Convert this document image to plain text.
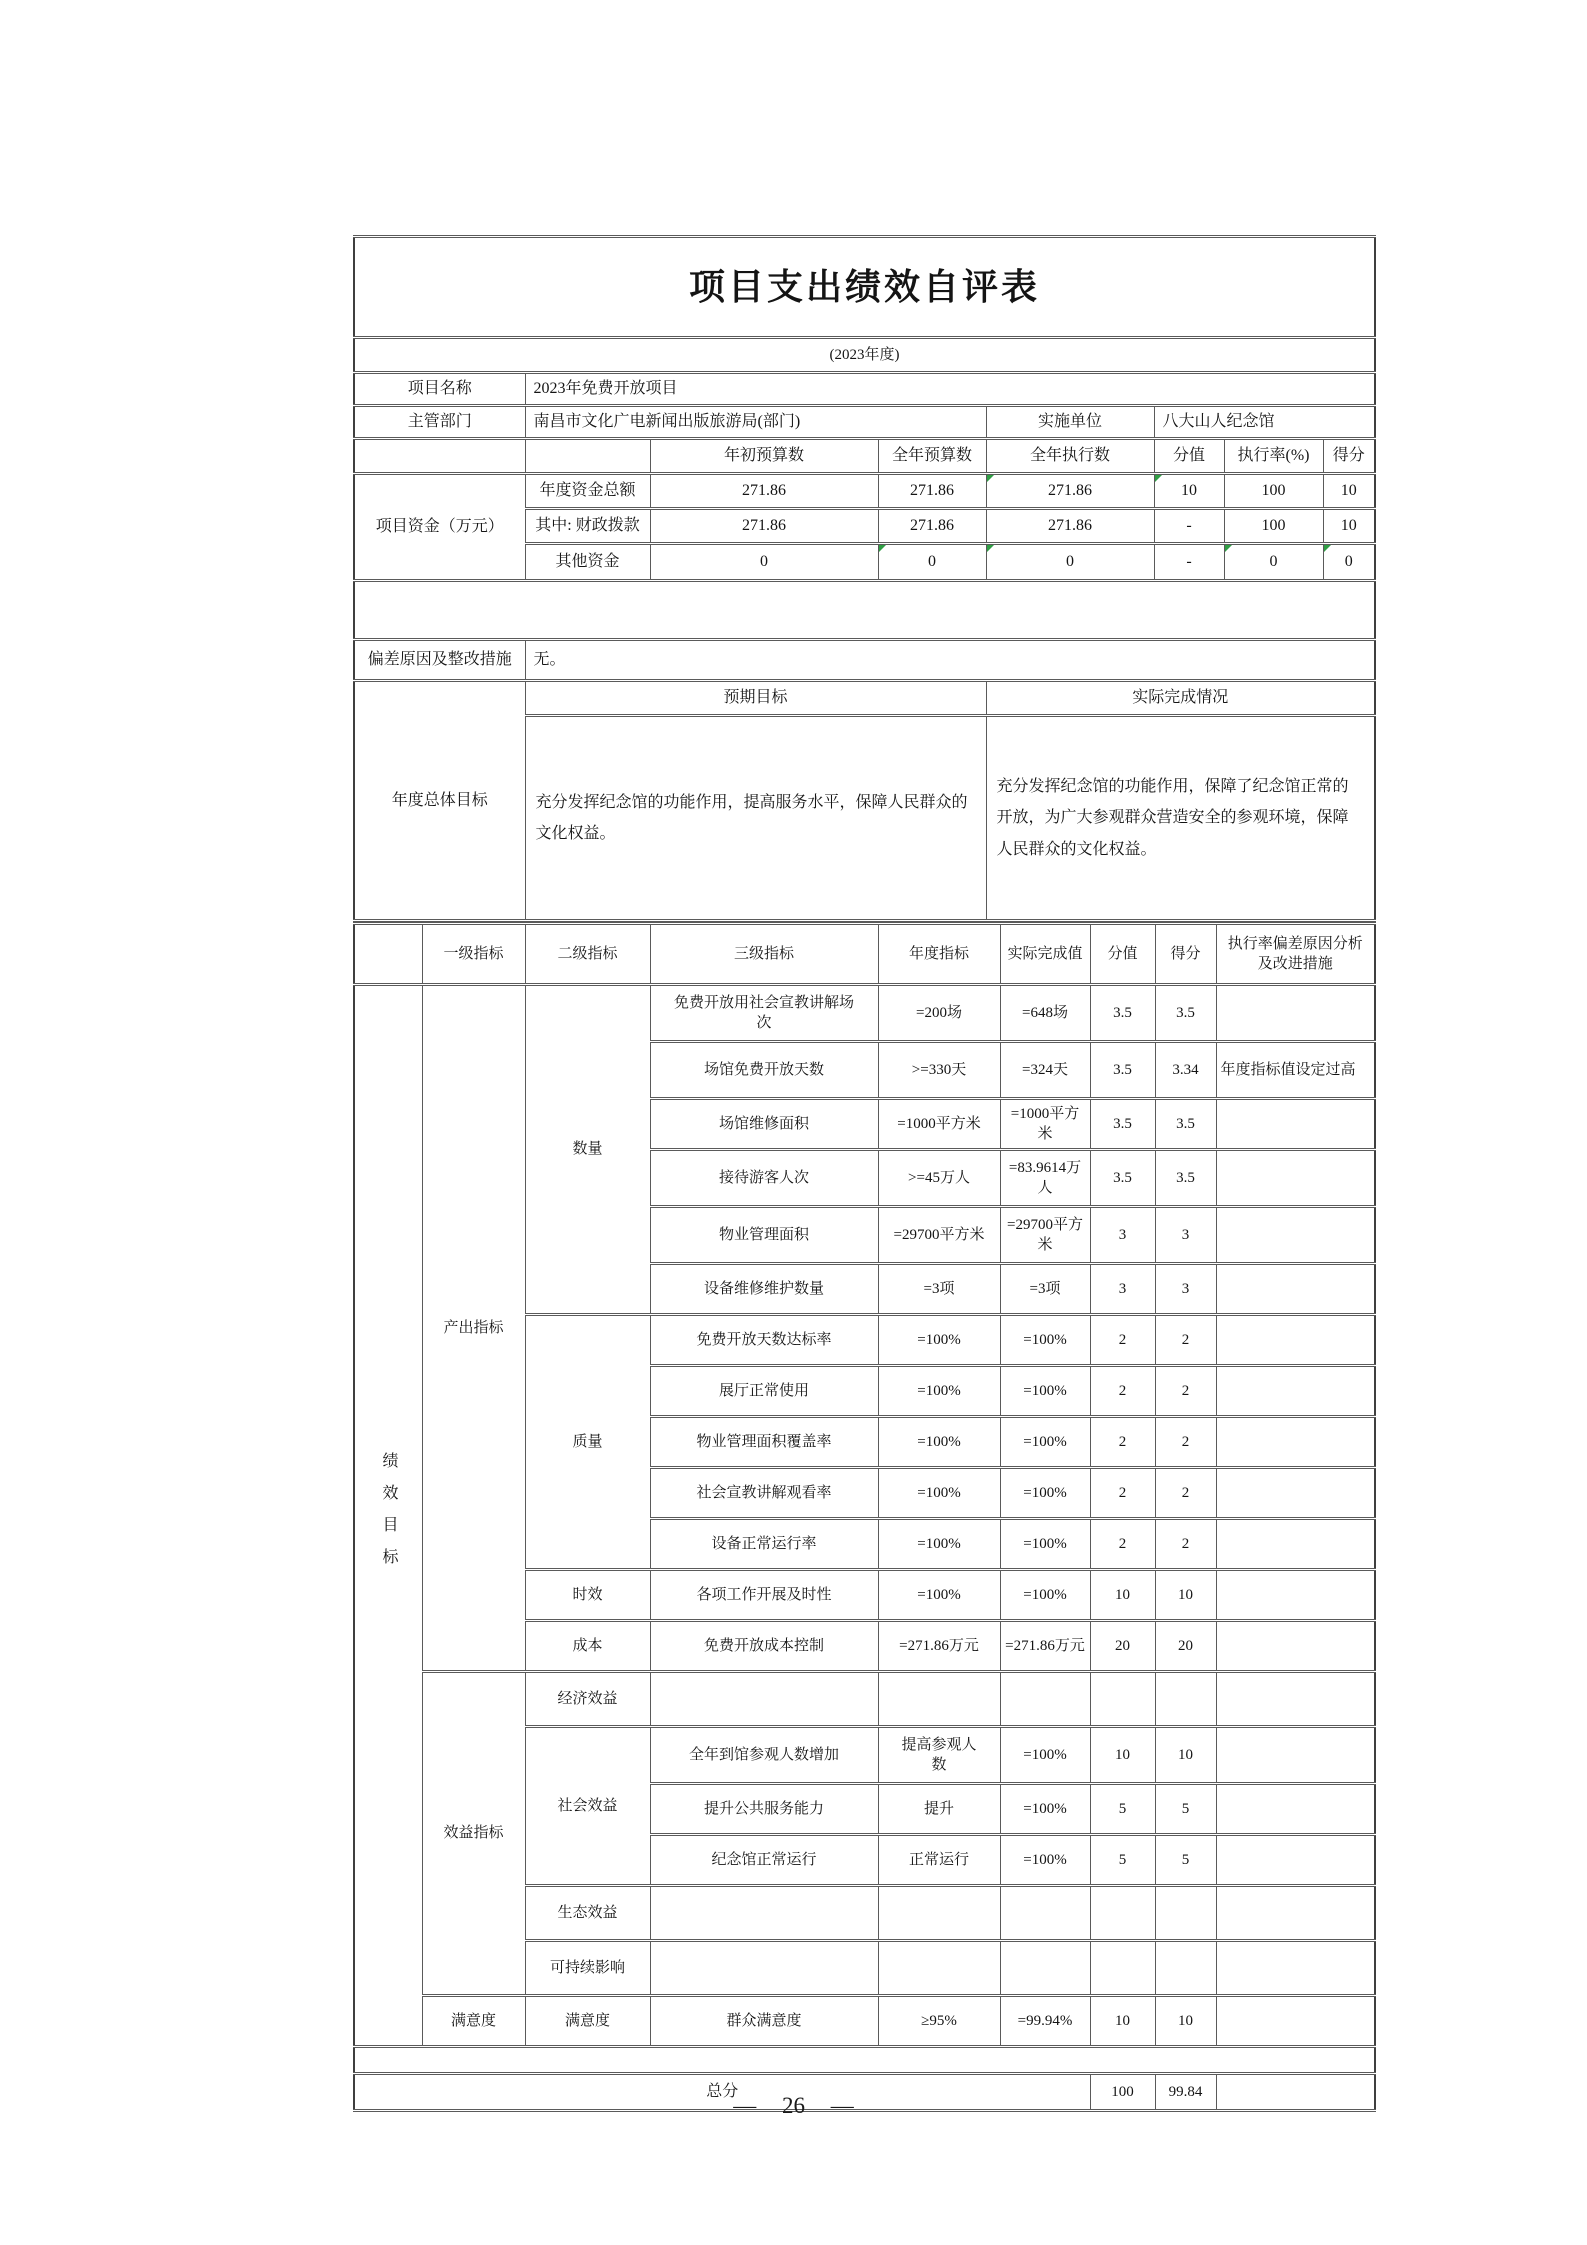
项目支出绩效自评表							
(2023年度)							
项目名称	2023年免费开放项目						
主管部门	南昌市文化广电新闻出版旅游局(部门)			实施单位	八大山人纪念馆		
		年初预算数	全年预算数	全年执行数	分值	执行率(%)	得分
项目资金（万元）	年度资金总额	271.86	271.86	271.86	10	100	10
	其中: 财政拨款	271.86	271.86	271.86	-	100	10
	其他资金	0	0	0	-	0	0

偏差原因及整改措施	无。						
年度总体目标	预期目标			实际完成情况			
	充分发挥纪念馆的功能作用，提高服务水平，保障人民群众的文化权益。			充分发挥纪念馆的功能作用，保障了纪念馆正常的开放，为广大参观群众营造安全的参观环境，保障人民群众的文化权益。			
	一级指标	二级指标	三级指标	年度指标	实际完成值	分值	得分	执行率偏差原因分析及改进措施

绩效目标	产出指标	数量	免费开放用社会宣教讲解场次	=200场	=648场	3.5	3.5	
			场馆免费开放天数	>=330天	=324天	3.5	3.34	年度指标值设定过高
			场馆维修面积	=1000平方米	=1000平方米	3.5	3.5	
			接待游客人次	>=45万人	=83.9614万人	3.5	3.5	
			物业管理面积	=29700平方米	=29700平方米	3	3	
			设备维修维护数量	=3项	=3项	3	3	
		质量	免费开放天数达标率	=100%	=100%	2	2	
			展厅正常使用	=100%	=100%	2	2	
			物业管理面积覆盖率	=100%	=100%	2	2	
			社会宣教讲解观看率	=100%	=100%	2	2	
			设备正常运行率	=100%	=100%	2	2	
		时效	各项工作开展及时性	=100%	=100%	10	10	
		成本	免费开放成本控制	=271.86万元	=271.86万元	20	20	
	效益指标	经济效益						
		社会效益	全年到馆参观人数增加	提高参观人数	=100%	10	10	
			提升公共服务能力	提升	=100%	5	5	
			纪念馆正常运行	正常运行	=100%	5	5	
		生态效益						
		可持续影响						
	满意度	满意度	群众满意度	≥95%	=99.94%	10	10	

总分						100	99.84	
— 26 —
